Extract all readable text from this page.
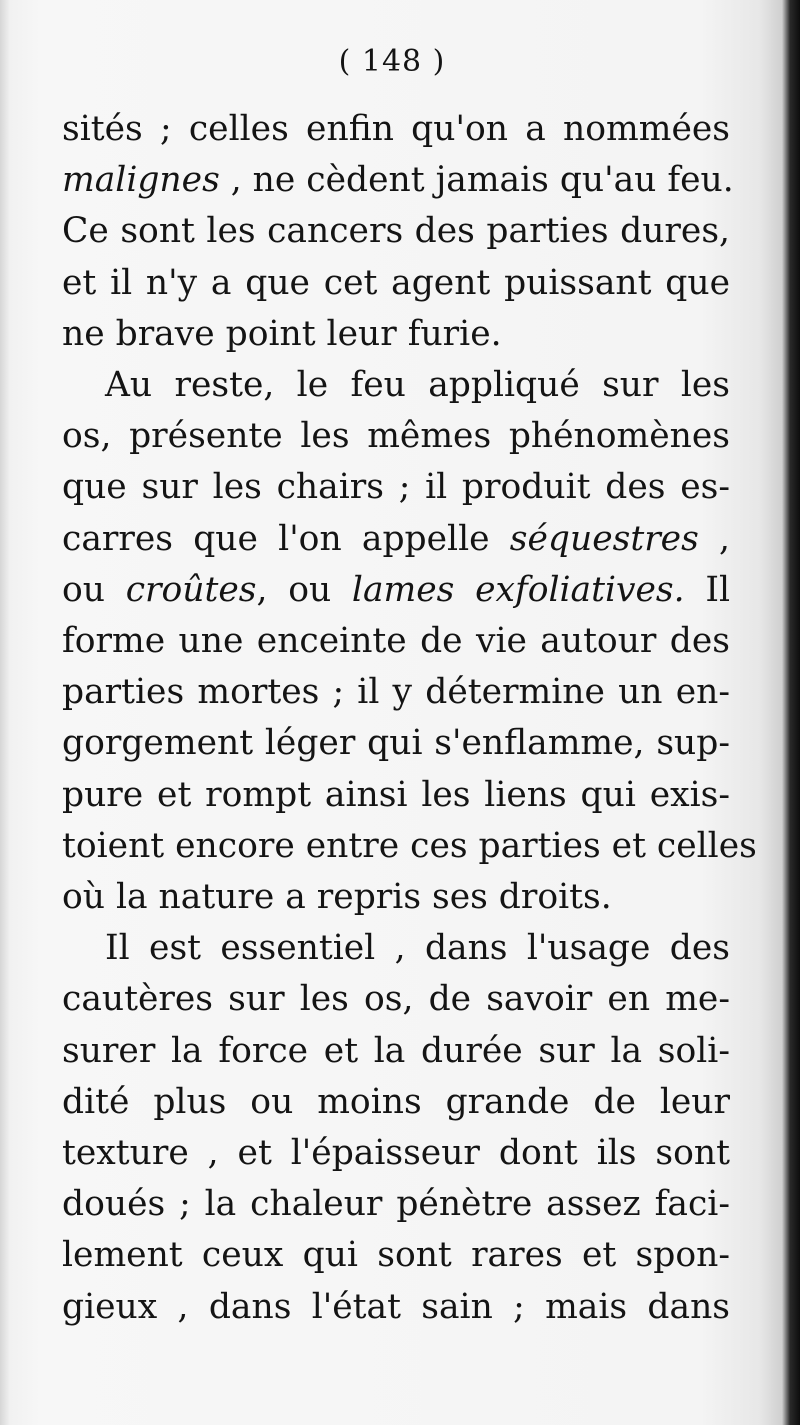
( 148 )
sités ; celles enfin qu'on a nommées
malignes , ne cèdent jamais qu'au feu.
Ce sont les cancers des parties dures,
et il n'y a que cet agent puissant que
ne brave point leur furie.
Au reste, le feu appliqué sur les
os, présente les mêmes phénomènes
que sur les chairs ; il produit des es-
carres que l'on appelle séquestres ,
ou croûtes, ou lames exfoliatives. Il
forme une enceinte de vie autour des
parties mortes ; il y détermine un en-
gorgement léger qui s'enflamme, sup-
pure et rompt ainsi les liens qui exis-
toient encore entre ces parties et celles
où la nature a repris ses droits.
Il est essentiel , dans l'usage des
cautères sur les os, de savoir en me-
surer la force et la durée sur la soli-
dité plus ou moins grande de leur
texture , et l'épaisseur dont ils sont
doués ; la chaleur pénètre assez faci-
lement ceux qui sont rares et spon-
gieux , dans l'état sain ; mais dans
